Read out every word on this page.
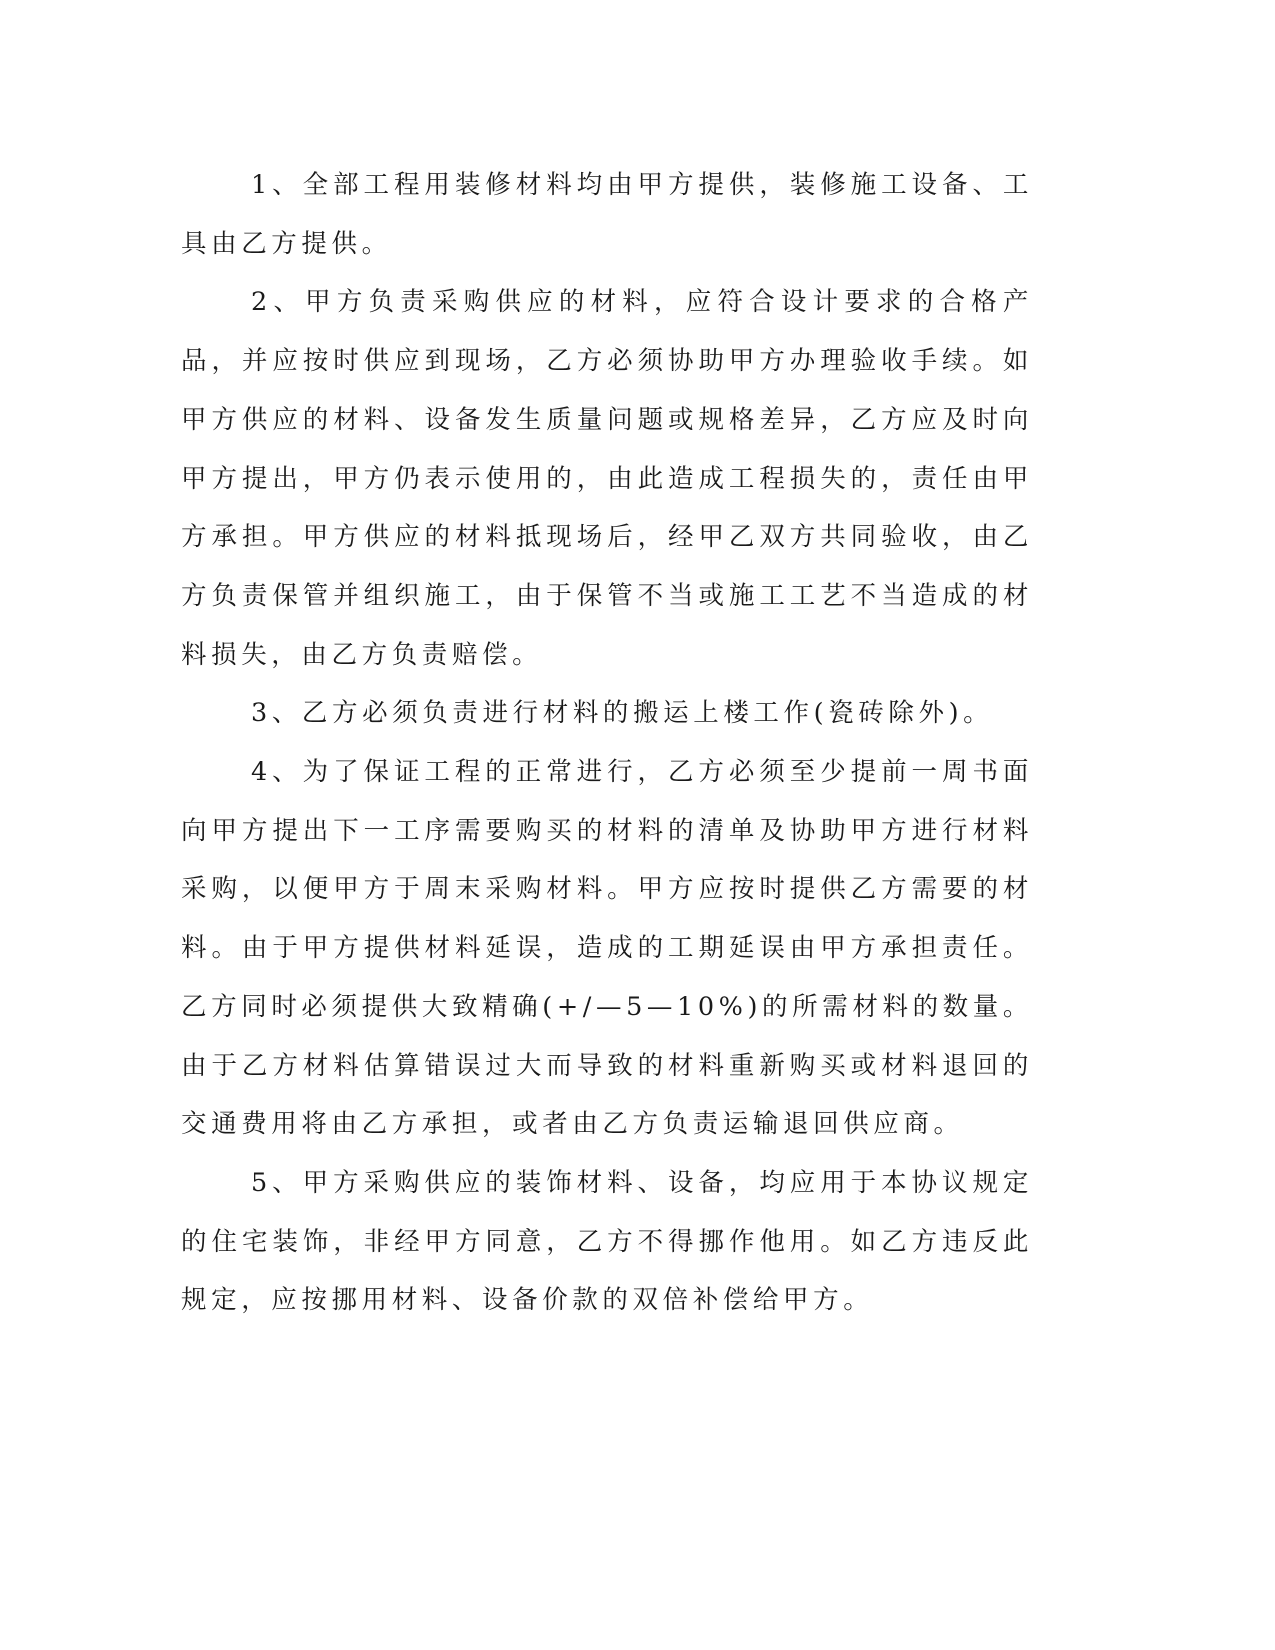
1、全部工程用装修材料均由甲方提供，装修施工设备、工具由乙方提供。

2、甲方负责采购供应的材料，应符合设计要求的合格产品，并应按时供应到现场，乙方必须协助甲方办理验收手续。如甲方供应的材料、设备发生质量问题或规格差异，乙方应及时向甲方提出，甲方仍表示使用的，由此造成工程损失的，责任由甲方承担。甲方供应的材料抵现场后，经甲乙双方共同验收，由乙方负责保管并组织施工，由于保管不当或施工工艺不当造成的材料损失，由乙方负责赔偿。

3、乙方必须负责进行材料的搬运上楼工作(瓷砖除外)。

4、为了保证工程的正常进行，乙方必须至少提前一周书面向甲方提出下一工序需要购买的材料的清单及协助甲方进行材料采购，以便甲方于周末采购材料。甲方应按时提供乙方需要的材料。由于甲方提供材料延误，造成的工期延误由甲方承担责任。乙方同时必须提供大致精确(+/—5—10%)的所需材料的数量。由于乙方材料估算错误过大而导致的材料重新购买或材料退回的交通费用将由乙方承担，或者由乙方负责运输退回供应商。

5、甲方采购供应的装饰材料、设备，均应用于本协议规定的住宅装饰，非经甲方同意，乙方不得挪作他用。如乙方违反此规定，应按挪用材料、设备价款的双倍补偿给甲方。
